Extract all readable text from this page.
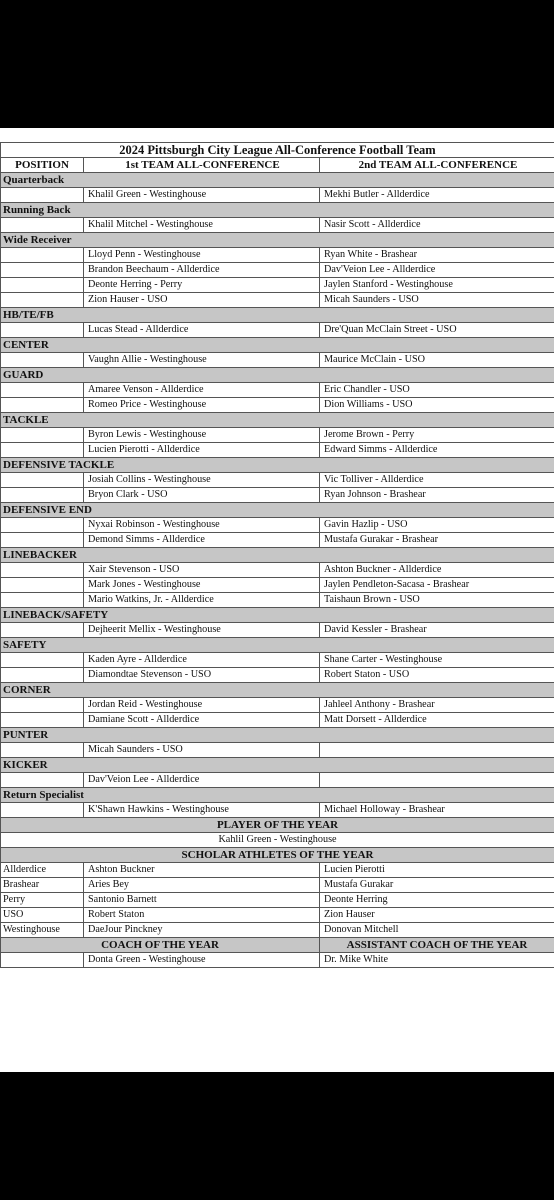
2024 Pittsburgh City League All-Conference Football Team		
POSITION	1st TEAM ALL-CONFERENCE	2nd TEAM ALL-CONFERENCE
Quarterback		
	Khalil Green - Westinghouse	Mekhi Butler - Allderdice
Running Back		
	Khalil Mitchel - Westinghouse	Nasir Scott - Allderdice
Wide Receiver		
	Lloyd Penn - Westinghouse	Ryan White - Brashear
	Brandon Beechaum - Allderdice	Dav'Veion Lee - Allderdice
	Deonte Herring - Perry	Jaylen Stanford - Westinghouse
	Zion Hauser - USO	Micah Saunders - USO
HB/TE/FB		
	Lucas Stead - Allderdice	Dre'Quan McClain Street - USO
CENTER		
	Vaughn Allie - Westinghouse	Maurice McClain - USO
GUARD		
	Amaree Venson - Allderdice	Eric Chandler - USO
	Romeo Price - Westinghouse	Dion Williams - USO
TACKLE		
	Byron Lewis - Westinghouse	Jerome Brown - Perry
	Lucien Pierotti - Allderdice	Edward Simms - Allderdice
DEFENSIVE TACKLE		
	Josiah Collins - Westinghouse	Vic Tolliver - Allderdice
	Bryon Clark - USO	Ryan Johnson - Brashear
DEFENSIVE END		
	Nyxai Robinson - Westinghouse	Gavin Hazlip - USO
	Demond Simms - Allderdice	Mustafa Gurakar - Brashear
LINEBACKER		
	Xair Stevenson - USO	Ashton Buckner - Allderdice
	Mark Jones - Westinghouse	Jaylen Pendleton-Sacasa - Brashear
	Mario Watkins, Jr. - Allderdice	Taishaun Brown - USO
LINEBACK/SAFETY		
	Dejheerit Mellix - Westinghouse	David Kessler - Brashear
SAFETY		
	Kaden Ayre - Allderdice	Shane Carter - Westinghouse
	Diamondtae Stevenson - USO	Robert Staton - USO
CORNER		
	Jordan Reid - Westinghouse	Jahleel Anthony - Brashear
	Damiane Scott - Allderdice	Matt Dorsett - Allderdice
PUNTER		
	Micah Saunders - USO	
KICKER		
	Dav'Veion Lee - Allderdice	
Return Specialist		
	K'Shawn Hawkins - Westinghouse	Michael Holloway - Brashear
PLAYER OF THE YEAR		
Kahlil Green - Westinghouse		
SCHOLAR ATHLETES OF THE YEAR		
Allderdice	Ashton Buckner	Lucien Pierotti
Brashear	Aries Bey	Mustafa Gurakar
Perry	Santonio Barnett	Deonte Herring
USO	Robert Staton	Zion Hauser
Westinghouse	DaeJour Pinckney	Donovan Mitchell
COACH OF THE YEAR		ASSISTANT COACH OF THE YEAR
	Donta Green - Westinghouse	Dr. Mike White
